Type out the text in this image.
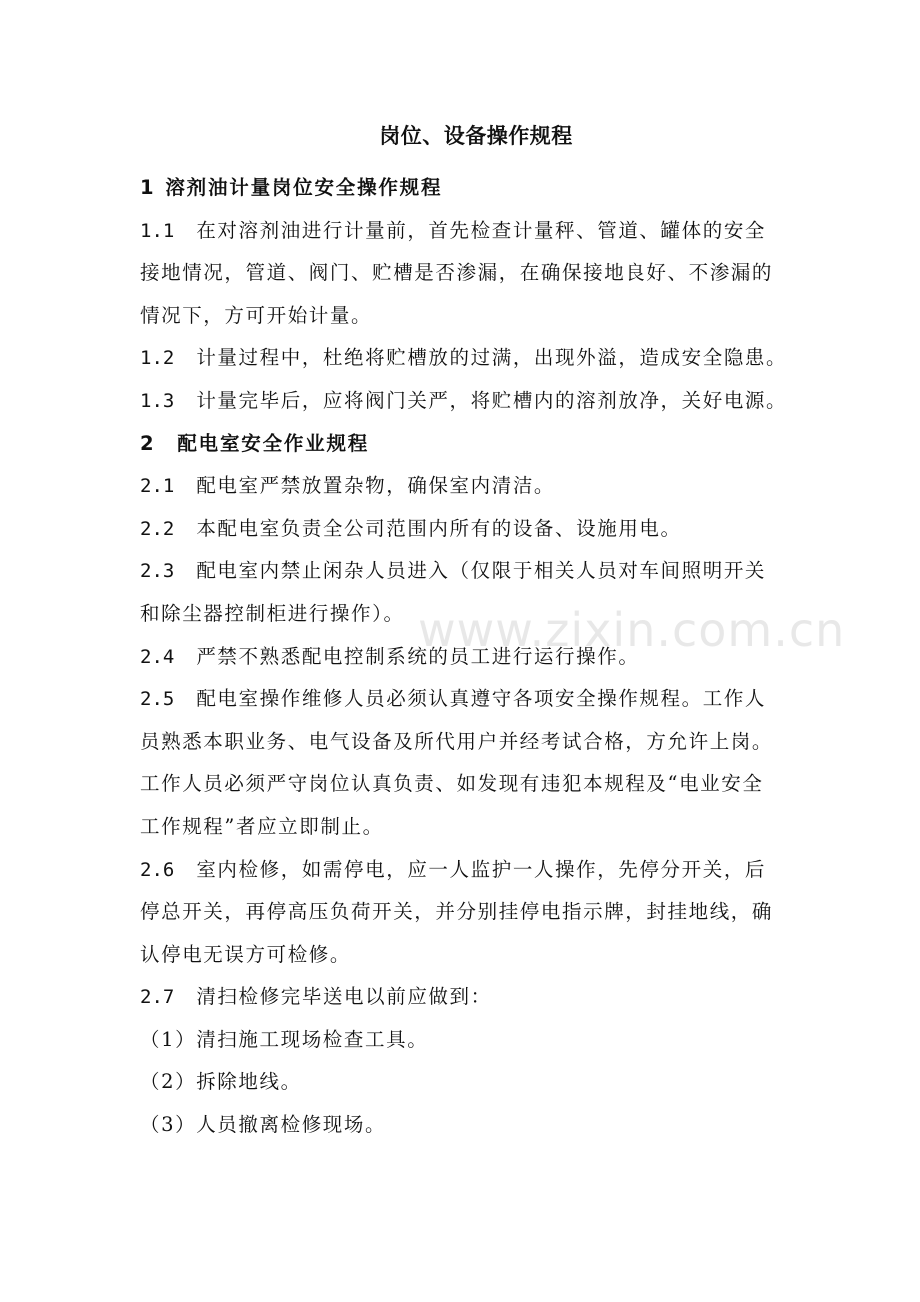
岗位、设备操作规程
1 溶剂油计量岗位安全操作规程
1.1 在对溶剂油进行计量前，首先检查计量秤、管道、罐体的安全
接地情况，管道、阀门、贮槽是否渗漏，在确保接地良好、不渗漏的
情况下，方可开始计量。
1.2 计量过程中，杜绝将贮槽放的过满，出现外溢，造成安全隐患。
1.3 计量完毕后，应将阀门关严，将贮槽内的溶剂放净，关好电源。
2 配电室安全作业规程
2.1 配电室严禁放置杂物，确保室内清洁。
2.2 本配电室负责全公司范围内所有的设备、设施用电。
2.3 配电室内禁止闲杂人员进入（仅限于相关人员对车间照明开关
和除尘器控制柜进行操作）。
2.4 严禁不熟悉配电控制系统的员工进行运行操作。
2.5 配电室操作维修人员必须认真遵守各项安全操作规程。工作人
员熟悉本职业务、电气设备及所代用户并经考试合格，方允许上岗。
工作人员必须严守岗位认真负责、如发现有违犯本规程及“电业安全
工作规程”者应立即制止。
2.6 室内检修，如需停电，应一人监护一人操作，先停分开关，后
停总开关，再停高压负荷开关，并分别挂停电指示牌，封挂地线，确
认停电无误方可检修。
2.7 清扫检修完毕送电以前应做到：
（1）清扫施工现场检查工具。
（2）拆除地线。
（3）人员撤离检修现场。
www.zixin.com.cn
